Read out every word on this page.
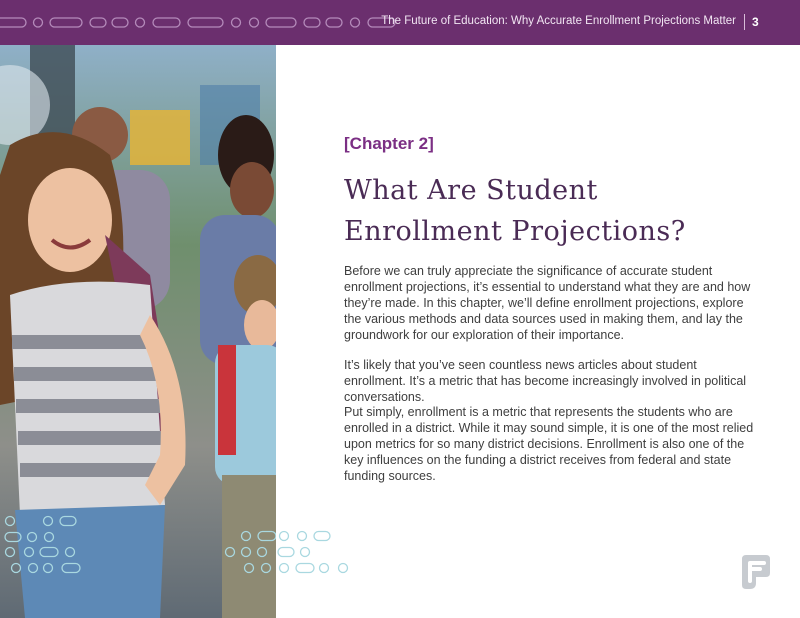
The Future of Education: Why Accurate Enrollment Projections Matter 3
[Chapter 2]
What Are Student
Enrollment Projections?

Before we can truly appreciate the significance of accurate student enrollment projections, it’s essential to understand what they are and how they’re made. In this chapter, we’ll define enrollment projections, explore the various methods and data sources used in making them, and lay the groundwork for our exploration of their importance.

It’s likely that you’ve seen countless news articles about student enrollment. It’s a metric that has become increasingly involved in political conversations.

Put simply, enrollment is a metric that represents the students who are enrolled in a district. While it may sound simple, it is one of the most relied upon metrics for so many district decisions. Enrollment is also one of the key influences on the funding a district receives from federal and state funding sources.
